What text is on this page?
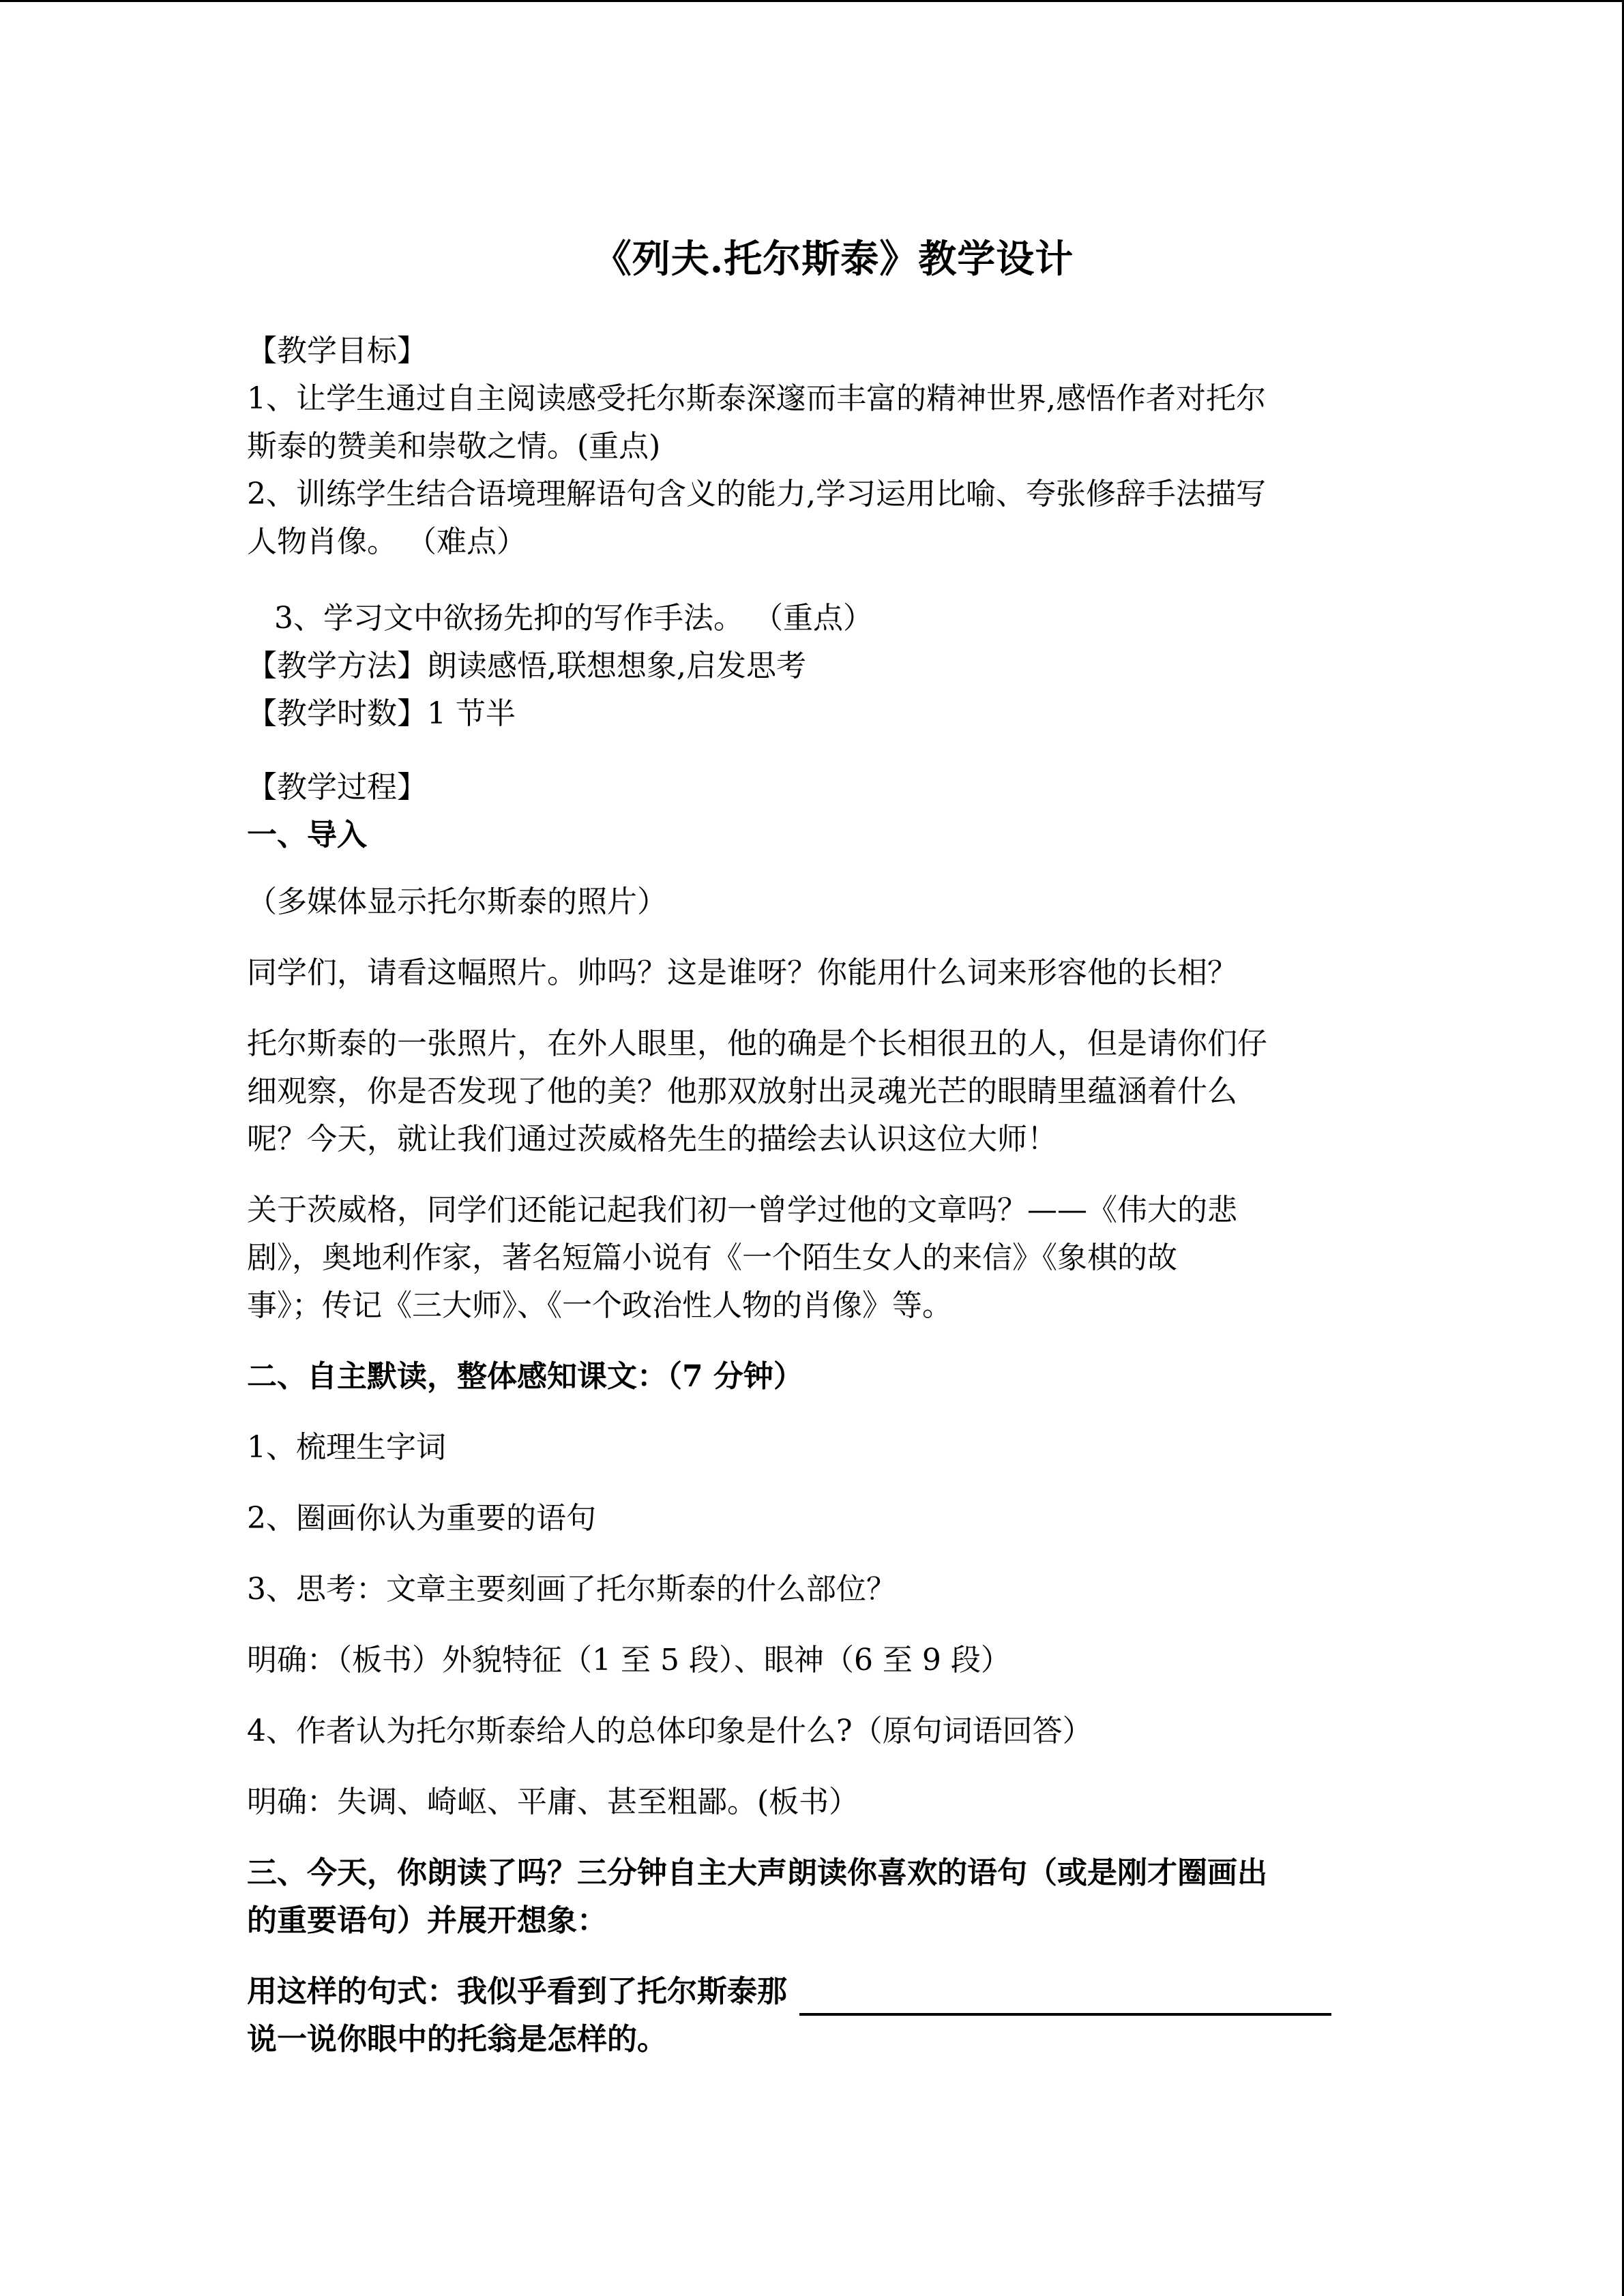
《列夫.托尔斯泰》教学设计

【教学目标】

1、让学生通过自主阅读感受托尔斯泰深邃而丰富的精神世界,感悟作者对托尔

斯泰的赞美和崇敬之情。(重点)

2、训练学生结合语境理解语句含义的能力,学习运用比喻、夸张修辞手法描写

人物肖像。 （难点）

3、学习文中欲扬先抑的写作手法。 （重点）

【教学方法】朗读感悟,联想想象,启发思考

【教学时数】1 节半

【教学过程】

一、导入

（多媒体显示托尔斯泰的照片）

同学们，请看这幅照片。帅吗？这是谁呀？你能用什么词来形容他的长相？

托尔斯泰的一张照片，在外人眼里，他的确是个长相很丑的人，但是请你们仔

细观察，你是否发现了他的美？他那双放射出灵魂光芒的眼睛里蕴涵着什么

呢？今天，就让我们通过茨威格先生的描绘去认识这位大师！

关于茨威格，同学们还能记起我们初一曾学过他的文章吗？——《伟大的悲

剧》，奥地利作家，著名短篇小说有《一个陌生女人的来信》《象棋的故

事》；传记《三大师》、《一个政治性人物的肖像》等。

二、自主默读，整体感知课文：（7 分钟）

1、梳理生字词

2、圈画你认为重要的语句

3、思考：文章主要刻画了托尔斯泰的什么部位？

明确：（板书）外貌特征（1 至 5 段）、眼神（6 至 9 段）

4、作者认为托尔斯泰给人的总体印象是什么?（原句词语回答）

明确：失调、崎岖、平庸、甚至粗鄙。(板书）

三、今天，你朗读了吗？三分钟自主大声朗读你喜欢的语句（或是刚才圈画出

的重要语句）并展开想象：

用这样的句式：我似乎看到了托尔斯泰那

说一说你眼中的托翁是怎样的。
